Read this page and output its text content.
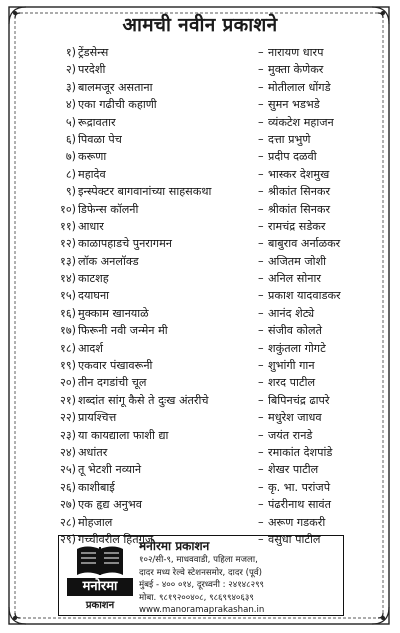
आमची नवीन प्रकाशने
१) ट्रेंडसेन्स	– नारायण धारप
२) परदेशी	– मुक्ता केणेकर
३) बालमजूर असताना	– मोतीलाल धोंगडे
४) एका गढीची कहाणी	– सुमन भडभडे
५) रूद्रावतार	– व्यंकटेश महाजन
६) पिवळा पेच	– दत्ता प्रभुणे
७) करूणा	– प्रदीप दळवी
८) महादेव	– भास्कर देशमुख
९) इन्स्पेक्टर बागवानांच्या साहसकथा	– श्रीकांत सिनकर
१०) डिफेन्स कॉलनी	– श्रीकांत सिनकर
११) आधार	– रामचंद्र सडेकर
१२) काळापहाडचे पुनरागमन	– बाबुराव अर्नाळकर
१३) लॉक अनलॉक्ड	– अजितम जोशी
१४) काटशह	– अनिल सोनार
१५) दयाघना	– प्रकाश यादवाडकर
१६) मुक्काम खानयाळे	– आनंद शेट्ये
१७) फिरूनी नवी जन्मेन मी	– संजीव कोलते
१८) आदर्श	– शकुंतला गोगटे
१९) एकवार पंखावरूनी	– शुभांगी गान
२०) तीन दगडांची चूल	– शरद पाटील
२१) शब्दांत सांगू कैसे ते दुःख अंतरीचे	– बिपिनचंद्र ढापरे
२२) प्रायश्चित्त	– मधुरेश जाधव
२३) या कायद्याला फाशी द्या	– जयंत रानडे
२४) अधांतर	– रमाकांत देशपांडे
२५) तू भेटशी नव्याने	– शेखर पाटील
२६) काशीबाई	– कृ. भा. परांजपे
२७) एक हृद्य अनुभव	– पंढरीनाथ सावंत
२८) मोहजाल	– अरूण गडकरी
२९) गच्चीवरील हितगुज	– वसुधा पाटील
मनोरमा
प्रकाशन
मनोरमा प्रकाशन
१०२/सी-९, माधववाडी, पहिला मजला,
दादर मध्य रेल्वे स्टेशनसमोर, दादर (पूर्व)
मुंबई - ४०० ०१४, दूरध्वनी : २४१४८२९९
मोबा. ९८१९२००४०८, ९८६९९४०६३९
www.manoramaprakashan.in
